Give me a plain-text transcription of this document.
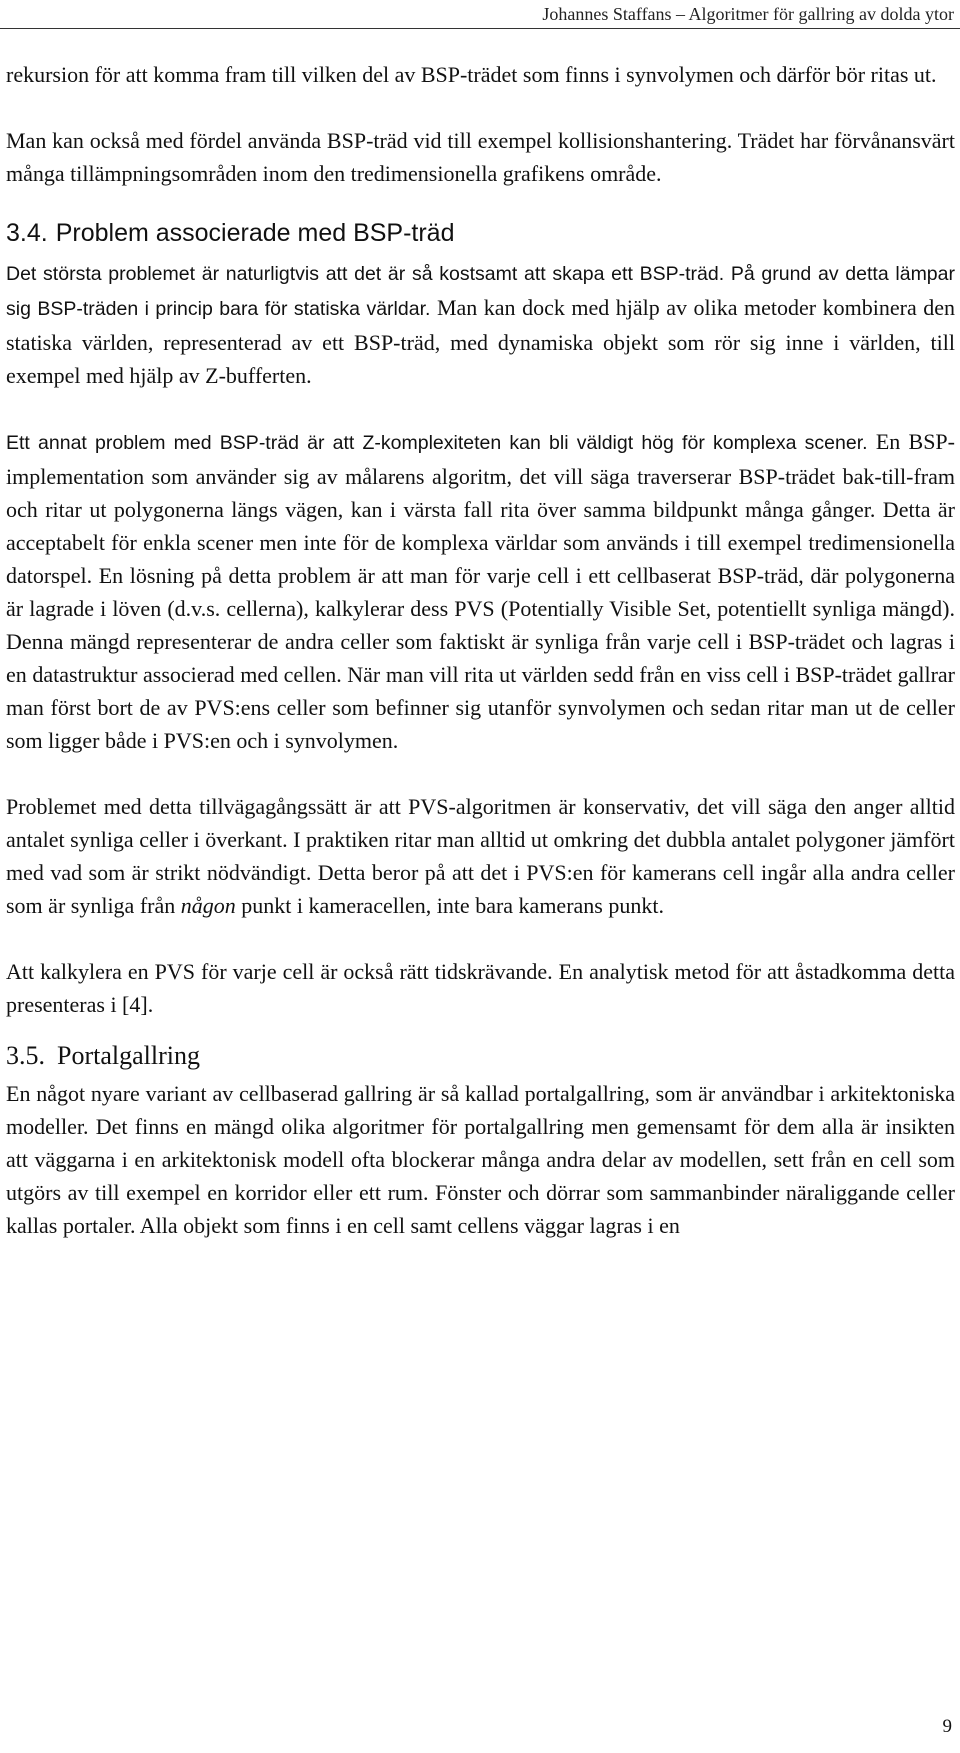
Johannes Staffans – Algoritmer för gallring av dolda ytor

rekursion för att komma fram till vilken del av BSP-trädet som finns i synvolymen och därför bör ritas ut.

Man kan också med fördel använda BSP-träd vid till exempel kollisionshantering. Trädet har förvånansvärt många tillämpningsområden inom den tredimensionella grafikens område.

3.4. Problem associerade med BSP-träd

Det största problemet är naturligtvis att det är så kostsamt att skapa ett BSP-träd. På grund av detta lämpar sig BSP-träden i princip bara för statiska världar. Man kan dock med hjälp av olika metoder kombinera den statiska världen, representerad av ett BSP-träd, med dynamiska objekt som rör sig inne i världen, till exempel med hjälp av Z-bufferten.

Ett annat problem med BSP-träd är att Z-komplexiteten kan bli väldigt hög för komplexa scener. En BSP-implementation som använder sig av målarens algoritm, det vill säga traverserar BSP-trädet bak-till-fram och ritar ut polygonerna längs vägen, kan i värsta fall rita över samma bildpunkt många gånger. Detta är acceptabelt för enkla scener men inte för de komplexa världar som används i till exempel tredimensionella datorspel. En lösning på detta problem är att man för varje cell i ett cellbaserat BSP-träd, där polygonerna är lagrade i löven (d.v.s. cellerna), kalkylerar dess PVS (Potentially Visible Set, potentiellt synliga mängd). Denna mängd representerar de andra celler som faktiskt är synliga från varje cell i BSP-trädet och lagras i en datastruktur associerad med cellen. När man vill rita ut världen sedd från en viss cell i BSP-trädet gallrar man först bort de av PVS:ens celler som befinner sig utanför synvolymen och sedan ritar man ut de celler som ligger både i PVS:en och i synvolymen.

Problemet med detta tillvägagångssätt är att PVS-algoritmen är konservativ, det vill säga den anger alltid antalet synliga celler i överkant. I praktiken ritar man alltid ut omkring det dubbla antalet polygoner jämfört med vad som är strikt nödvändigt. Detta beror på att det i PVS:en för kamerans cell ingår alla andra celler som är synliga från någon punkt i kameracellen, inte bara kamerans punkt.

Att kalkylera en PVS för varje cell är också rätt tidskrävande. En analytisk metod för att åstadkomma detta presenteras i [4].

3.5. Portalgallring

En något nyare variant av cellbaserad gallring är så kallad portalgallring, som är användbar i arkitektoniska modeller. Det finns en mängd olika algoritmer för portalgallring men gemensamt för dem alla är insikten att väggarna i en arkitektonisk modell ofta blockerar många andra delar av modellen, sett från en cell som utgörs av till exempel en korridor eller ett rum. Fönster och dörrar som sammanbinder näraliggande celler kallas portaler. Alla objekt som finns i en cell samt cellens väggar lagras i en

9
